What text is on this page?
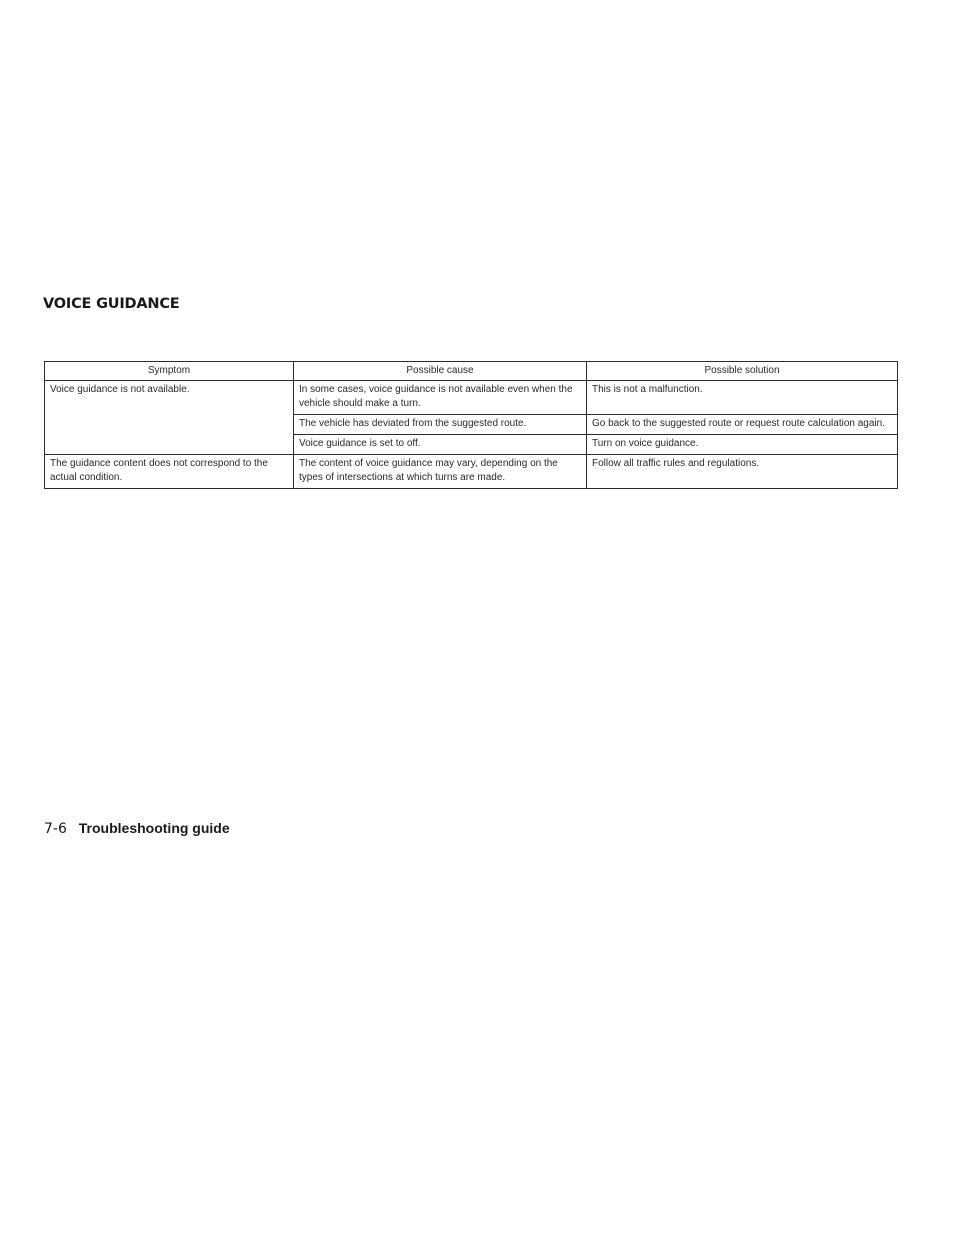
VOICE GUIDANCE
Symptom	Possible cause	Possible solution
Voice guidance is not available.	In some cases, voice guidance is not available even when the vehicle should make a turn.	This is not a malfunction.
	The vehicle has deviated from the suggested route.	Go back to the suggested route or request route calculation again.
	Voice guidance is set to off.	Turn on voice guidance.
The guidance content does not correspond to the actual condition.	The content of voice guidance may vary, depending on the types of intersections at which turns are made.	Follow all traffic rules and regulations.
7-6 Troubleshooting guide
